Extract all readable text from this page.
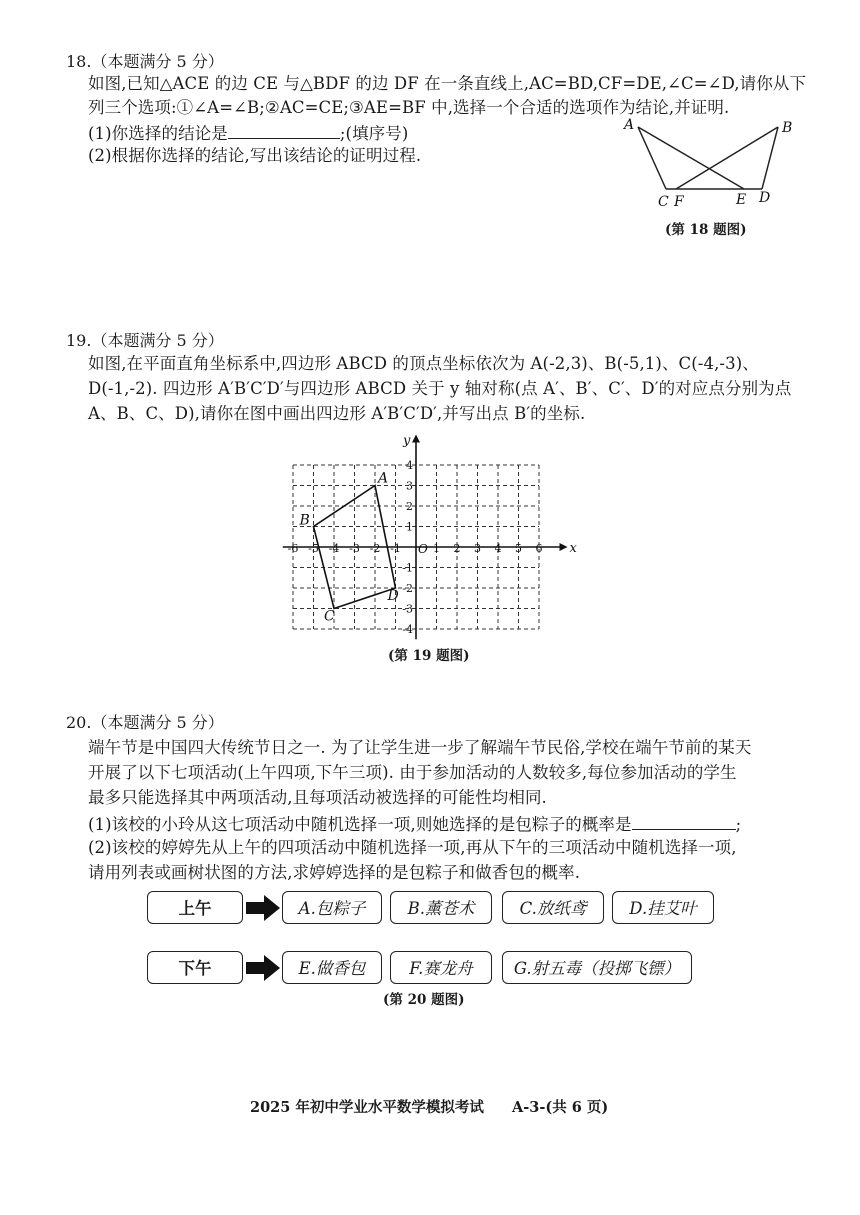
18.（本题满分 5 分）
如图,已知△ACE 的边 CE 与△BDF 的边 DF 在一条直线上,AC=BD,CF=DE,∠C=∠D,请你从下
列三个选项:①∠A=∠B;②AC=CE;③AE=BF 中,选择一个合适的选项作为结论,并证明.
(1)你选择的结论是	;(填序号)
(2)根据你选择的结论,写出该结论的证明过程.
A	B
C F	E D
(第 18 题图)
19.（本题满分 5 分）
如图,在平面直角坐标系中,四边形 ABCD 的顶点坐标依次为 A(-2,3)、B(-5,1)、C(-4,-3)、
D(-1,-2). 四边形 A′B′C′D′与四边形 ABCD 关于 y 轴对称(点 A′、B′、C′、D′的对应点分别为点
A、B、C、D),请你在图中画出四边形 A′B′C′D′,并写出点 B′的坐标.
x
y
O
-6 -5 -4 -3 -2 -1	1 2 3 4 5 6
4
3
2
1
-1
-2
-3
-4
A
B
C
D
(第 19 题图)
20.（本题满分 5 分）
端午节是中国四大传统节日之一. 为了让学生进一步了解端午节民俗,学校在端午节前的某天
开展了以下七项活动(上午四项,下午三项). 由于参加活动的人数较多,每位参加活动的学生
最多只能选择其中两项活动,且每项活动被选择的可能性均相同.
(1)该校的小玲从这七项活动中随机选择一项,则她选择的是包粽子的概率是	;
(2)该校的婷婷先从上午的四项活动中随机选择一项,再从下午的三项活动中随机选择一项,
请用列表或画树状图的方法,求婷婷选择的是包粽子和做香包的概率.
上午	A.包粽子	B.薰苍术	C.放纸鸢	D.挂艾叶
下午	E.做香包	F.赛龙舟	G.射五毒（投掷飞镖）
(第 20 题图)
2025 年初中学业水平数学模拟考试 A-3-(共 6 页)
